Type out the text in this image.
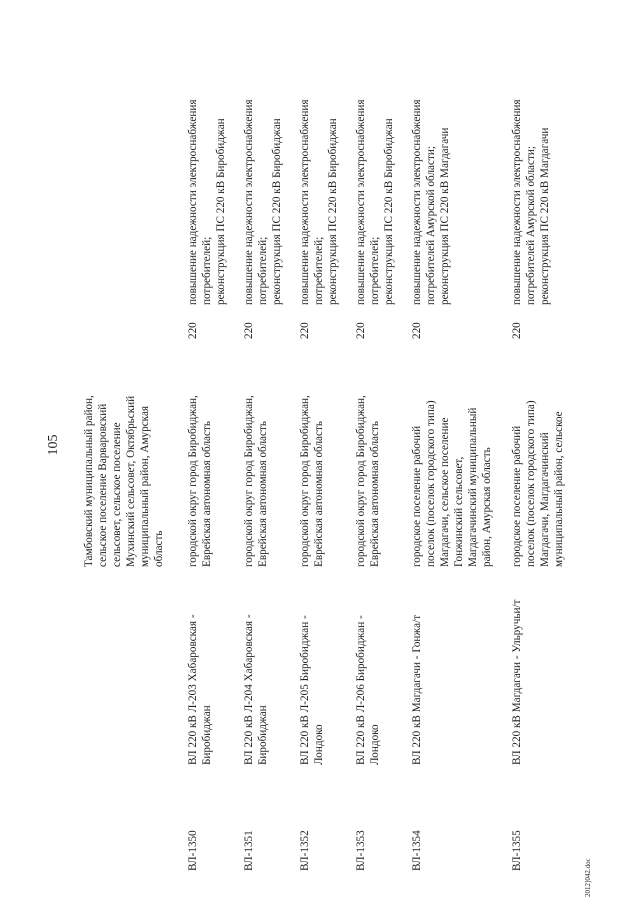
105 Тамбовский муниципальный район, сельское поселение Варваровский сельсовет, сельское поселение Мухинский сельсовет, Октябрьский муниципальный район, Амурская область
ВЛ-1350
ВЛ 220 кВ Л-203 Хабаровская - Биробиджан
городской округ город Биробиджан, Еврейская автономная область
220
повышение надежности электроснабжения потребителей; реконструкция ПС 220 кВ Биробиджан
ВЛ-1351
ВЛ 220 кВ Л-204 Хабаровская - Биробиджан
городской округ город Биробиджан, Еврейская автономная область
220
повышение надежности электроснабжения потребителей; реконструкция ПС 220 кВ Биробиджан
ВЛ-1352
ВЛ 220 кВ Л-205 Биробиджан - Лондоко
городской округ город Биробиджан, Еврейская автономная область
220
повышение надежности электроснабжения потребителей; реконструкция ПС 220 кВ Биробиджан
ВЛ-1353
ВЛ 220 кВ Л-206 Биробиджан - Лондоко
городской округ город Биробиджан, Еврейская автономная область
220
повышение надежности электроснабжения потребителей; реконструкция ПС 220 кВ Биробиджан
ВЛ-1354
ВЛ 220 кВ Магдагачи - Гонжа/т
городское поселение рабочий поселок (поселок городского типа) Магдагачи, сельское поселение Гонжинский сельсовет, Магдагачинский муниципальный район, Амурская область
220
повышение надежности электроснабжения потребителей Амурской области; реконструкция ПС 220 кВ Магдагачи
ВЛ-1355
ВЛ 220 кВ Магдагачи - Ульручьи/т
городское поселение рабочий поселок (поселок городского типа) Магдагачи, Магдагачинский муниципальный район, сельское
220
повышение надежности электроснабжения потребителей Амурской области; реконструкция ПС 220 кВ Магдагачи
2012]042.doc
